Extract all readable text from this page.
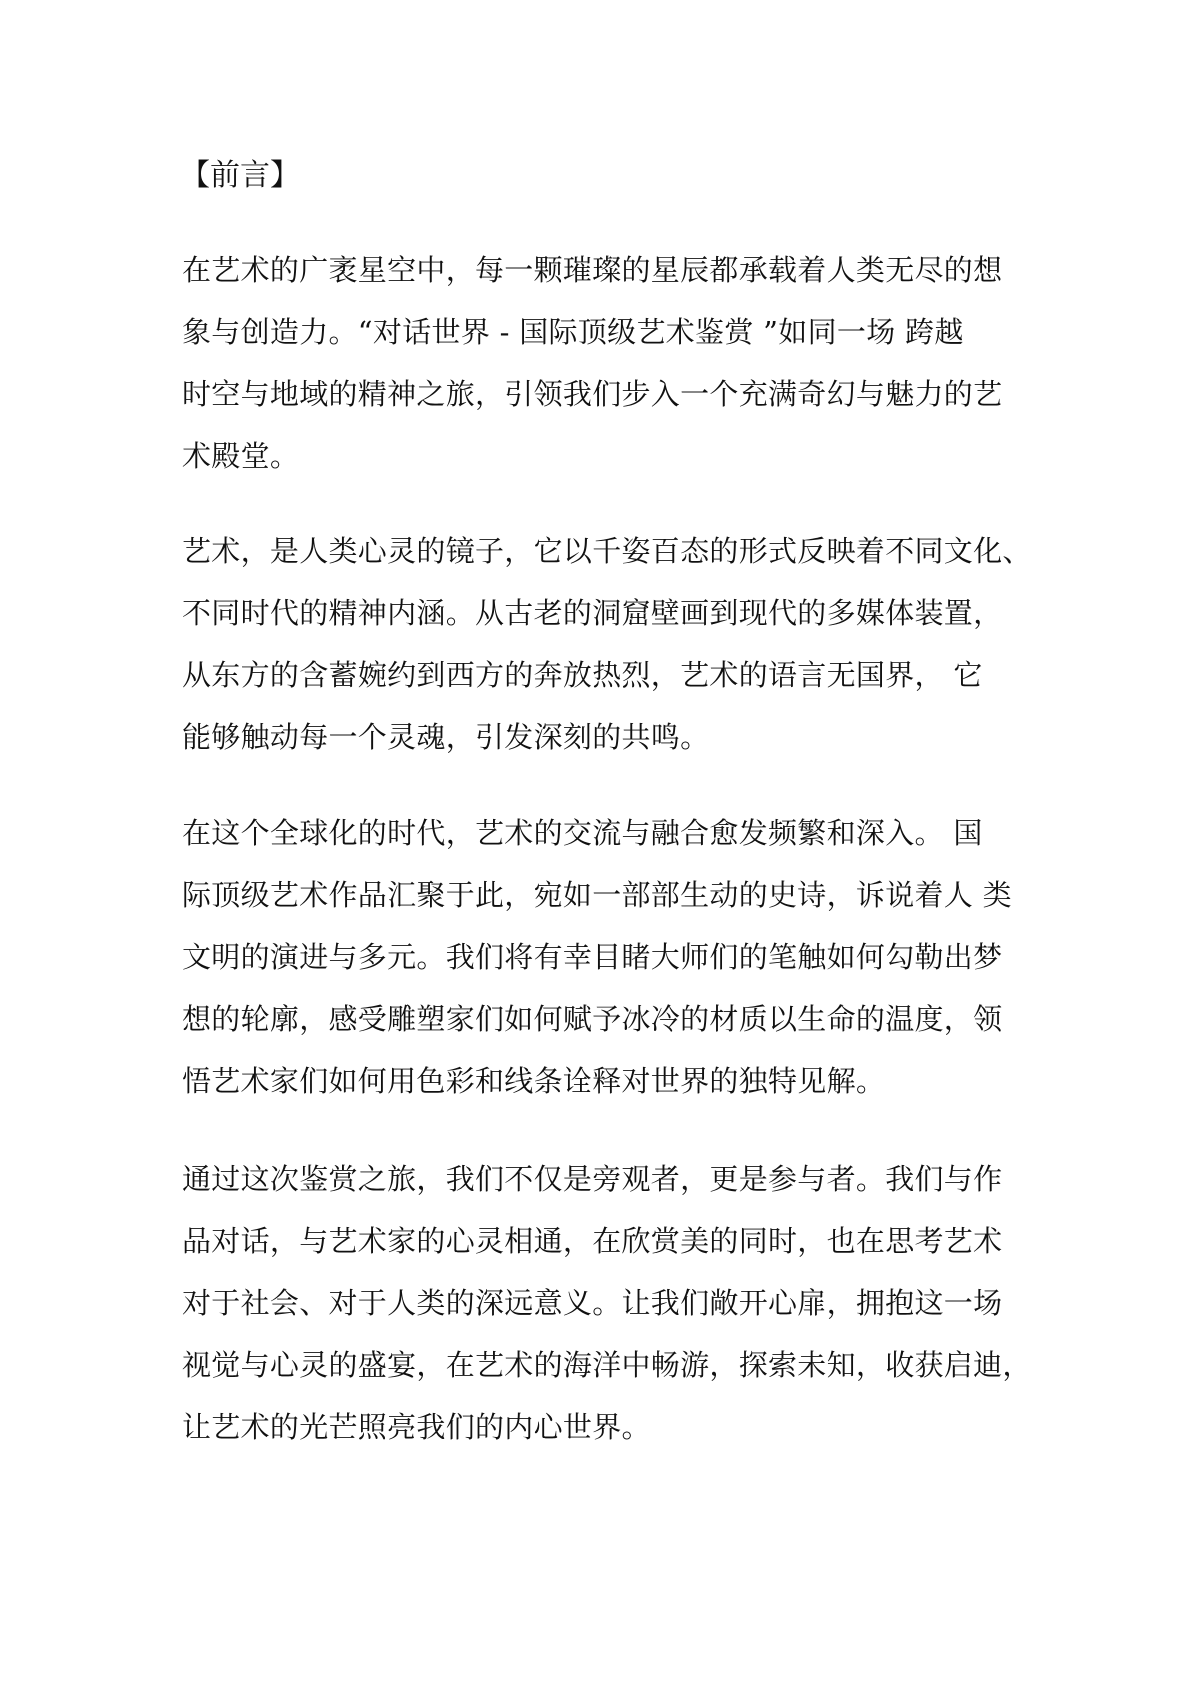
【前言】
在艺术的广袤星空中，每一颗璀璨的星辰都承载着人类无尽的想
象与创造力。“对话世界 - 国际顶级艺术鉴赏 ”如同一场 跨越
时空与地域的精神之旅，引领我们步入一个充满奇幻与魅力的艺
术殿堂。
艺术，是人类心灵的镜子，它以千姿百态的形式反映着不同文化、
不同时代的精神内涵。从古老的洞窟壁画到现代的多媒体装置，
从东方的含蓄婉约到西方的奔放热烈，艺术的语言无国界， 它
能够触动每一个灵魂，引发深刻的共鸣。
在这个全球化的时代，艺术的交流与融合愈发频繁和深入。 国
际顶级艺术作品汇聚于此，宛如一部部生动的史诗，诉说着人 类
文明的演进与多元。我们将有幸目睹大师们的笔触如何勾勒出梦
想的轮廓，感受雕塑家们如何赋予冰冷的材质以生命的温度，领
悟艺术家们如何用色彩和线条诠释对世界的独特见解。
通过这次鉴赏之旅，我们不仅是旁观者，更是参与者。我们与作
品对话，与艺术家的心灵相通，在欣赏美的同时，也在思考艺术
对于社会、对于人类的深远意义。让我们敞开心扉，拥抱这一场
视觉与心灵的盛宴，在艺术的海洋中畅游，探索未知，收获启迪，
让艺术的光芒照亮我们的内心世界。
